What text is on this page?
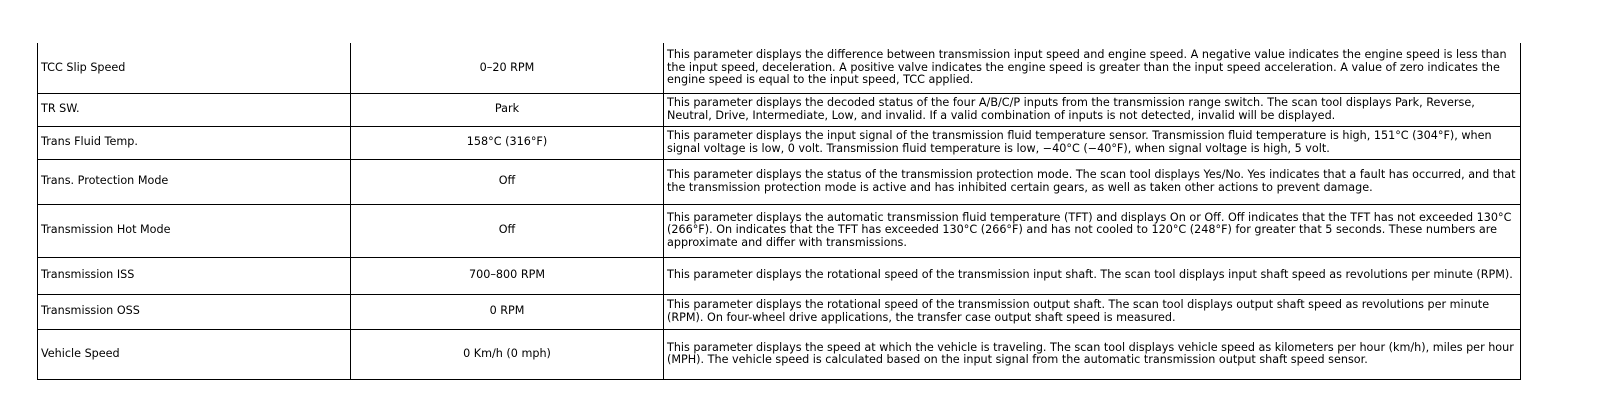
TCC Slip Speed	0–20 RPM	This parameter displays the difference between transmission input speed and engine speed. A negative value indicates the engine speed is less than the input speed, deceleration. A positive valve indicates the engine speed is greater than the input speed acceleration. A value of zero indicates the engine speed is equal to the input speed, TCC applied.
TR SW.	Park	This parameter displays the decoded status of the four A/B/C/P inputs from the transmission range switch. The scan tool displays Park, Reverse, Neutral, Drive, Intermediate, Low, and invalid. If a valid combination of inputs is not detected, invalid will be displayed.
Trans Fluid Temp.	158°C (316°F)	This parameter displays the input signal of the transmission fluid temperature sensor. Transmission fluid temperature is high, 151°C (304°F), when signal voltage is low, 0 volt. Transmission fluid temperature is low, −40°C (−40°F), when signal voltage is high, 5 volt.
Trans. Protection Mode	Off	This parameter displays the status of the transmission protection mode. The scan tool displays Yes/No. Yes indicates that a fault has occurred, and that the transmission protection mode is active and has inhibited certain gears, as well as taken other actions to prevent damage.
Transmission Hot Mode	Off	This parameter displays the automatic transmission fluid temperature (TFT) and displays On or Off. Off indicates that the TFT has not exceeded 130°C (266°F). On indicates that the TFT has exceeded 130°C (266°F) and has not cooled to 120°C (248°F) for greater that 5 seconds. These numbers are approximate and differ with transmissions.
Transmission ISS	700–800 RPM	This parameter displays the rotational speed of the transmission input shaft. The scan tool displays input shaft speed as revolutions per minute (RPM).
Transmission OSS	0 RPM	This parameter displays the rotational speed of the transmission output shaft. The scan tool displays output shaft speed as revolutions per minute (RPM). On four-wheel drive applications, the transfer case output shaft speed is measured.
Vehicle Speed	0 Km/h (0 mph)	This parameter displays the speed at which the vehicle is traveling. The scan tool displays vehicle speed as kilometers per hour (km/h), miles per hour (MPH). The vehicle speed is calculated based on the input signal from the automatic transmission output shaft speed sensor.
